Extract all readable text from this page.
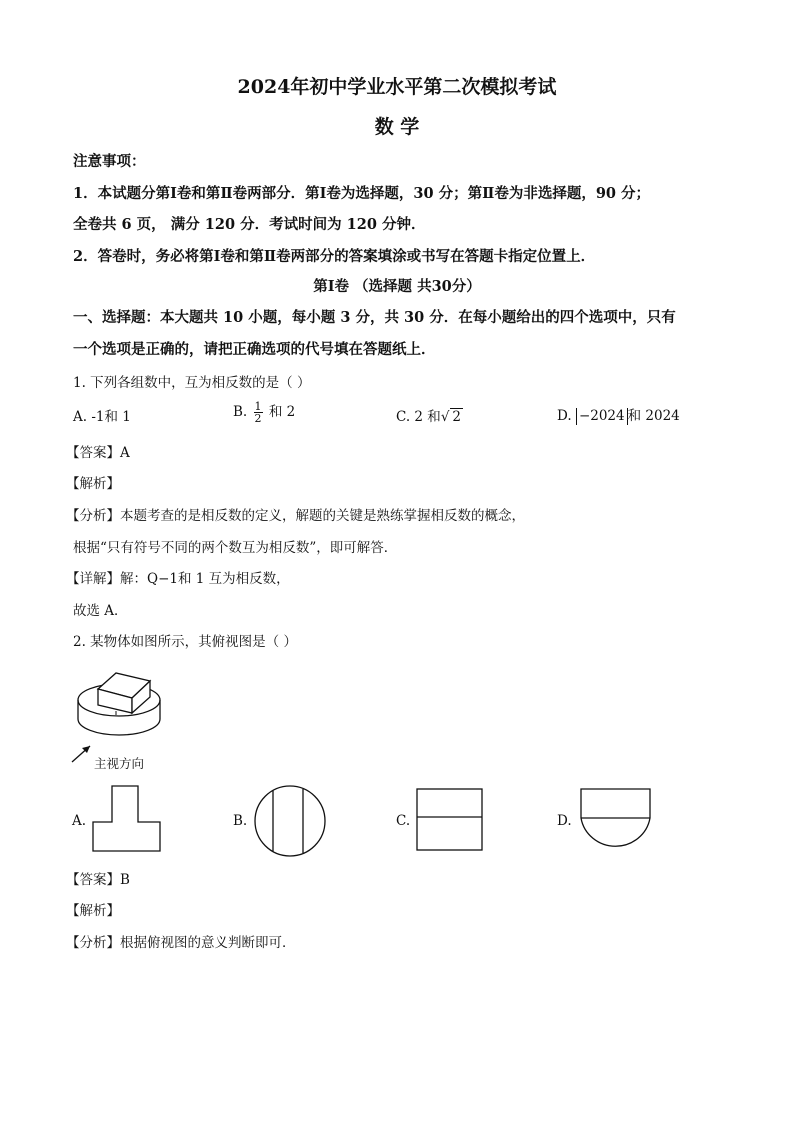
2024年初中学业水平第二次模拟考试
数 学
注意事项：
1．本试题分第Ⅰ卷和第Ⅱ卷两部分．第Ⅰ卷为选择题，30 分；第Ⅱ卷为非选择题，90 分；
全卷共 6 页， 满分 120 分．考试时间为 120 分钟．
2．答卷时，务必将第Ⅰ卷和第Ⅱ卷两部分的答案填涂或书写在答题卡指定位置上．
第Ⅰ卷 （选择题 共30分）
一、选择题：本大题共 10 小题，每小题 3 分，共 30 分．在每小题给出的四个选项中，只有
一个选项是正确的，请把正确选项的代号填在答题纸上．
1. 下列各组数中，互为相反数的是（ ）
A. -1和 1	B. $\frac{1}{2}$ 和 2	C. 2 和√ 2	D. −2024 和 2024
【答案】A
【解析】
【分析】本题考查的是相反数的定义，解题的关键是熟练掌握相反数的概念，
根据“只有符号不同的两个数互为相反数”，即可解答．
【详解】解：Q−1和 1 互为相反数，
故选 A．
2. 某物体如图所示，其俯视图是（ ）
主视方向
A.	B.	C.	D.
【答案】B
【解析】
【分析】根据俯视图的意义判断即可．
